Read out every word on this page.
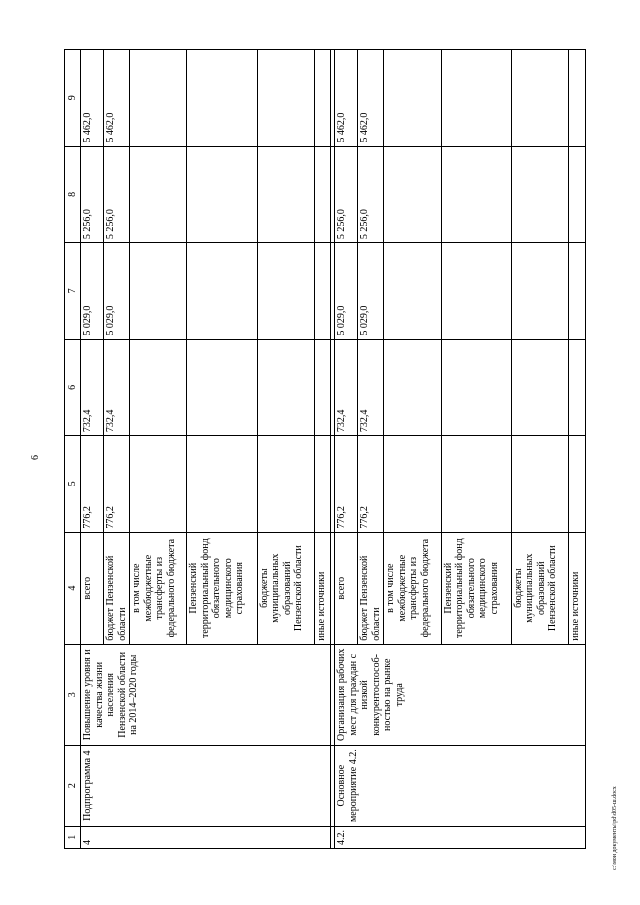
6
1	2	3	4	5	6	7	8	9
4	Подпрограмма 4	Повышение уровня и качества жизни населения Пензенской области на 2014–2020 годы	всего	776,2	732,4	5 029,0	5 256,0	5 462,0
			бюджет Пензенской области	776,2	732,4	5 029,0	5 256,0	5 462,0
			в том числе межбюджетные трансферты из федерального бюджета					
			Пензенский территориальный фонд обязательного медицинского страхования					
			бюджеты муниципальных образований Пензенской области					
			иные источники					

4.2.	Основное мероприятие 4.2.	Организация рабочих мест для граждан с низкой конкурентоспособ-ностью на рынке труда	всего	776,2	732,4	5 029,0	5 256,0	5 462,0
			бюджет Пензенской области	776,2	732,4	5 029,0	5 256,0	5 462,0
			в том числе межбюджетные трансферты из федерального бюджета					
			Пензенский территориальный фонд обязательного медицинского страхования					
			бюджеты муниципальных образований Пензенской области					
			иные источники					
c:\мои документы\pd\d05-ш.docx
